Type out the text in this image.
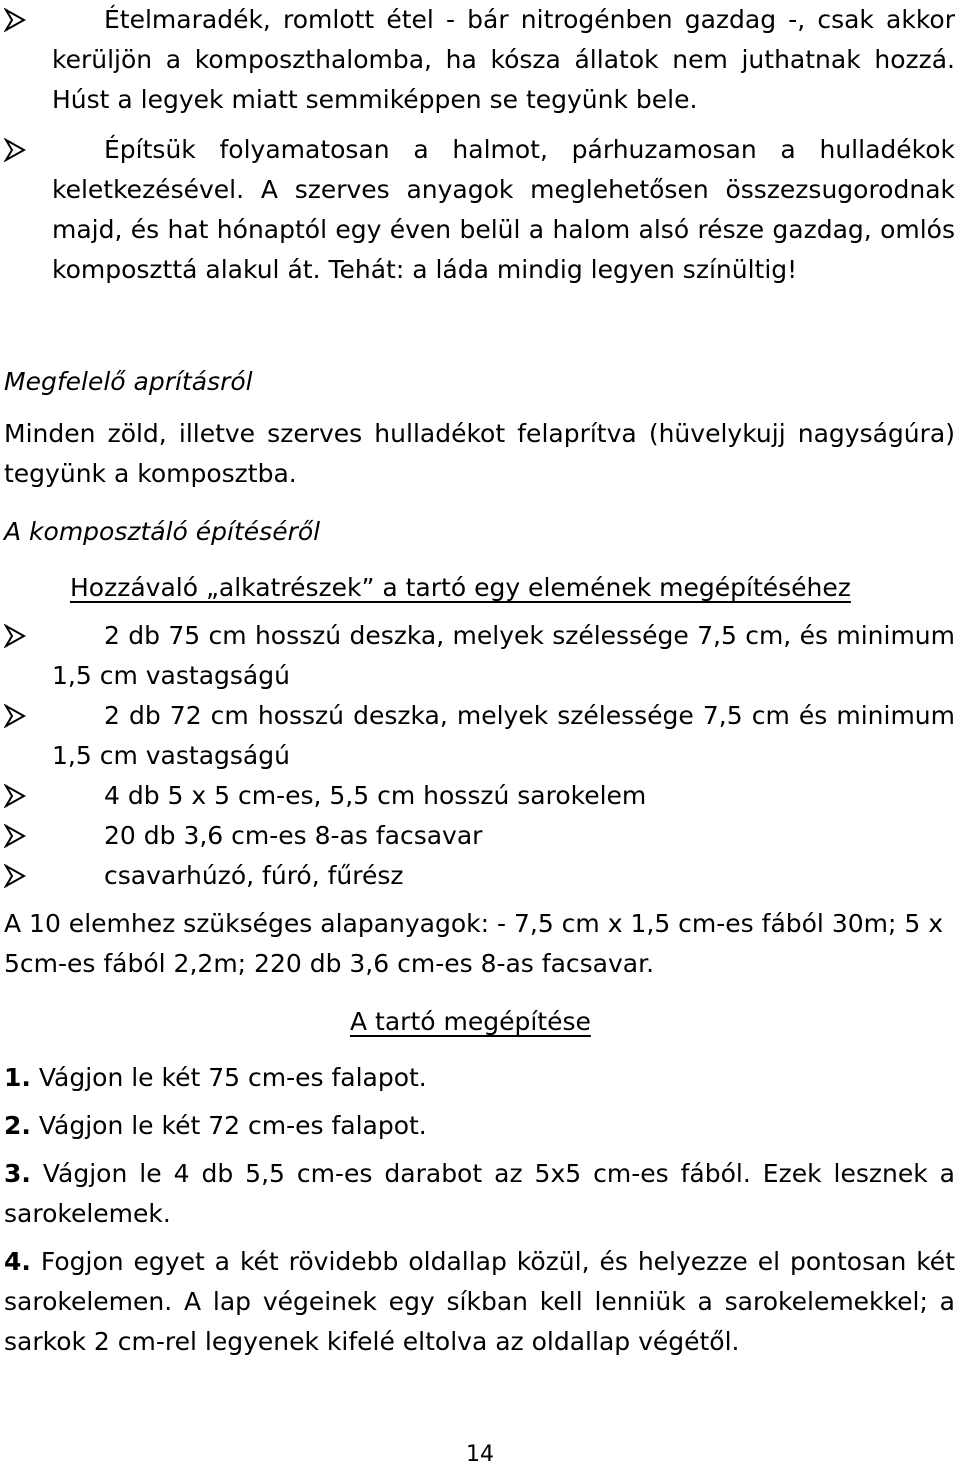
Ételmaradék, romlott étel - bár nitrogénben gazdag -, csak akkor kerüljön a komposzthalomba, ha kósza állatok nem juthatnak hozzá. Húst a legyek miatt semmiképpen se tegyünk bele.
Építsük folyamatosan a halmot, párhuzamosan a hulladékok keletkezésével. A szerves anyagok meglehetősen összezsugorodnak majd, és hat hónaptól egy éven belül a halom alsó része gazdag, omlós komposzttá alakul át. Tehát: a láda mindig legyen színültig!
Megfelelő aprításról
Minden zöld, illetve szerves hulladékot felaprítva (hüvelykujj nagyságúra) tegyünk a komposztba.
A komposztáló építéséről
Hozzávaló „alkatrészek” a tartó egy elemének megépítéséhez
2 db 75 cm hosszú deszka, melyek szélessége 7,5 cm, és minimum 1,5 cm vastagságú
2 db 72 cm hosszú deszka, melyek szélessége 7,5 cm és minimum 1,5 cm vastagságú
4 db 5 x 5 cm-es, 5,5 cm hosszú sarokelem
20 db 3,6 cm-es 8-as facsavar
csavarhúzó, fúró, fűrész
A 10 elemhez szükséges alapanyagok: - 7,5 cm x 1,5 cm-es fából 30m; 5 x 5cm-es fából 2,2m; 220 db 3,6 cm-es 8-as facsavar.
A tartó megépítése
1. Vágjon le két 75 cm-es falapot.
2. Vágjon le két 72 cm-es falapot.
3. Vágjon le 4 db 5,5 cm-es darabot az 5x5 cm-es fából. Ezek lesznek a sarokelemek.
4. Fogjon egyet a két rövidebb oldallap közül, és helyezze el pontosan két sarokelemen. A lap végeinek egy síkban kell lenniük a sarokelemekkel; a sarkok 2 cm-rel legyenek kifelé eltolva az oldallap végétől.
14
